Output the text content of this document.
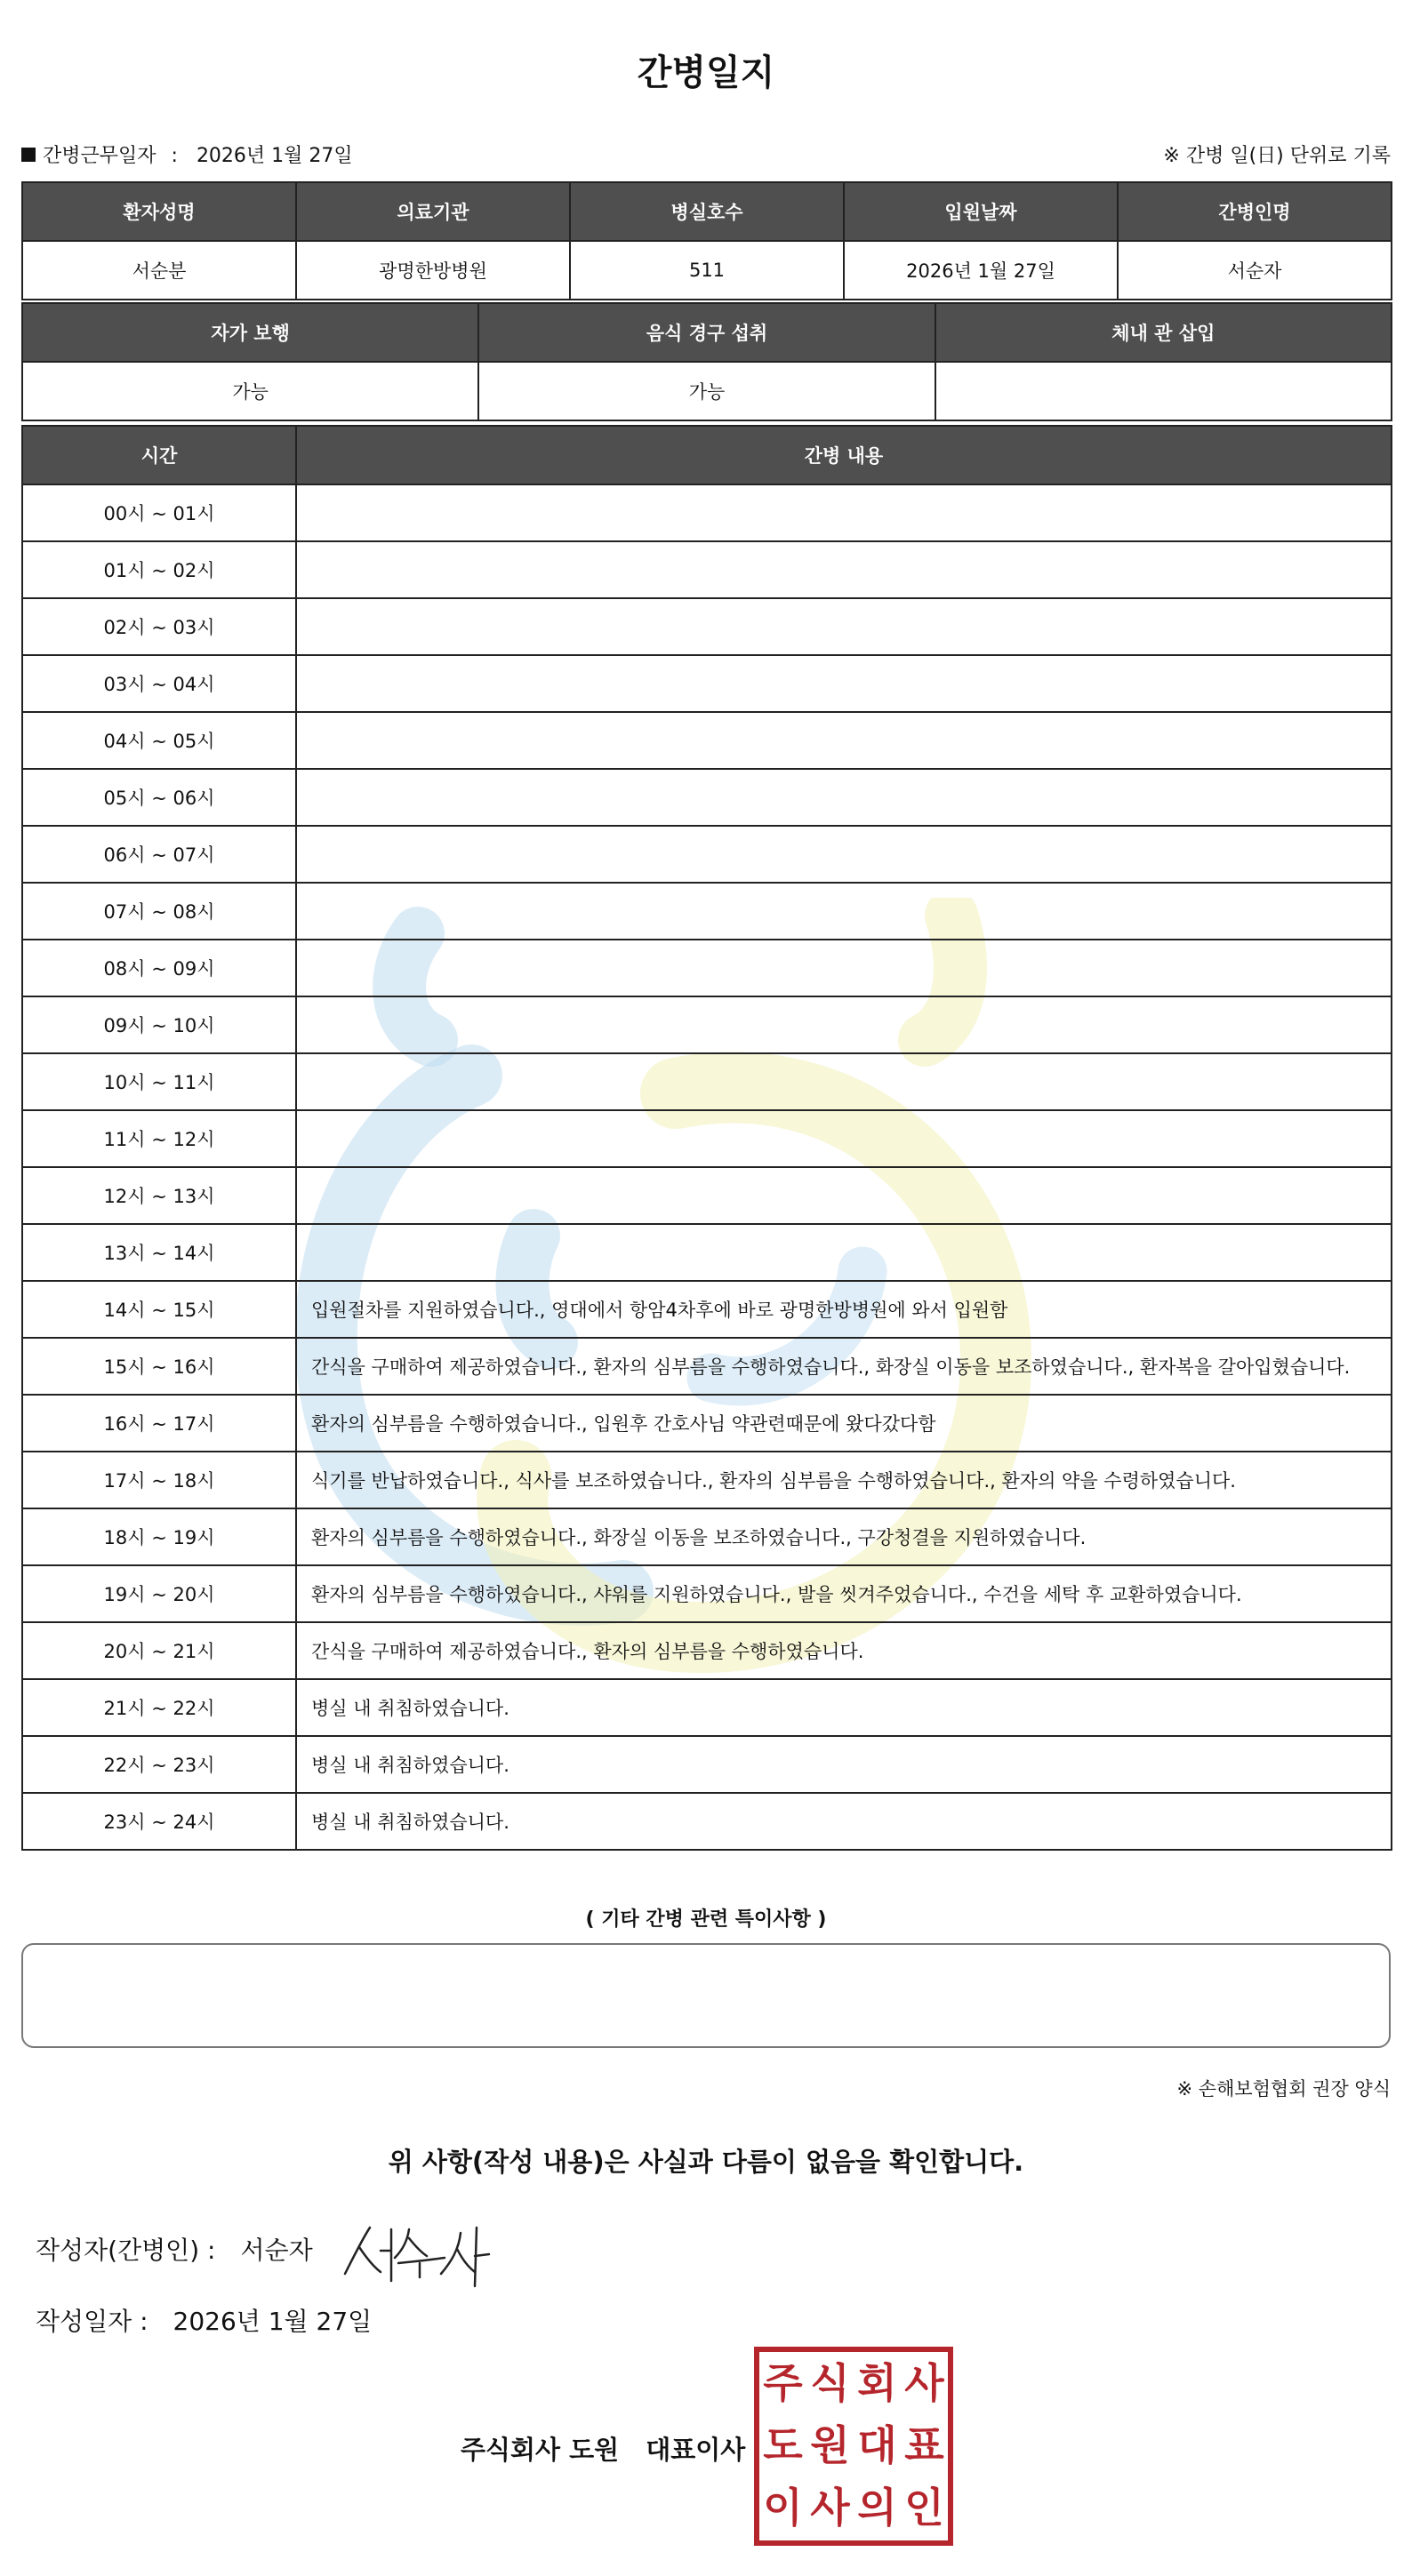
간병일지
간병근무일자 : 2026년 1월 27일	※ 간병 일(日) 단위로 기록
환자성명	의료기관	병실호수	입원날짜	간병인명
서순분	광명한방병원	511	2026년 1월 27일	서순자
자가 보행	음식 경구 섭취	체내 관 삽입
가능	가능	
시간	간병 내용
00시 ~ 01시	
01시 ~ 02시	
02시 ~ 03시	
03시 ~ 04시	
04시 ~ 05시	
05시 ~ 06시	
06시 ~ 07시	
07시 ~ 08시	
08시 ~ 09시	
09시 ~ 10시	
10시 ~ 11시	
11시 ~ 12시	
12시 ~ 13시	
13시 ~ 14시	
14시 ~ 15시	입원절차를 지원하였습니다., 영대에서 항암4차후에 바로 광명한방병원에 와서 입원함
15시 ~ 16시	간식을 구매하여 제공하였습니다., 환자의 심부름을 수행하였습니다., 화장실 이동을 보조하였습니다., 환자복을 갈아입혔습니다.
16시 ~ 17시	환자의 심부름을 수행하였습니다., 입원후 간호사님 약관련때문에 왔다갔다함
17시 ~ 18시	식기를 반납하였습니다., 식사를 보조하였습니다., 환자의 심부름을 수행하였습니다., 환자의 약을 수령하였습니다.
18시 ~ 19시	환자의 심부름을 수행하였습니다., 화장실 이동을 보조하였습니다., 구강청결을 지원하였습니다.
19시 ~ 20시	환자의 심부름을 수행하였습니다., 샤워를 지원하였습니다., 발을 씻겨주었습니다., 수건을 세탁 후 교환하였습니다.
20시 ~ 21시	간식을 구매하여 제공하였습니다., 환자의 심부름을 수행하였습니다.
21시 ~ 22시	병실 내 취침하였습니다.
22시 ~ 23시	병실 내 취침하였습니다.
23시 ~ 24시	병실 내 취침하였습니다.
( 기타 간병 관련 특이사항 )
※ 손해보험협회 권장 양식
위 사항(작성 내용)은 사실과 다름이 없음을 확인합니다.
작성자(간병인) : 서순자
작성일자 : 2026년 1월 27일
주식회사 도원 대표이사
주 식 회 사
도 원 대 표
이 사 의 인
